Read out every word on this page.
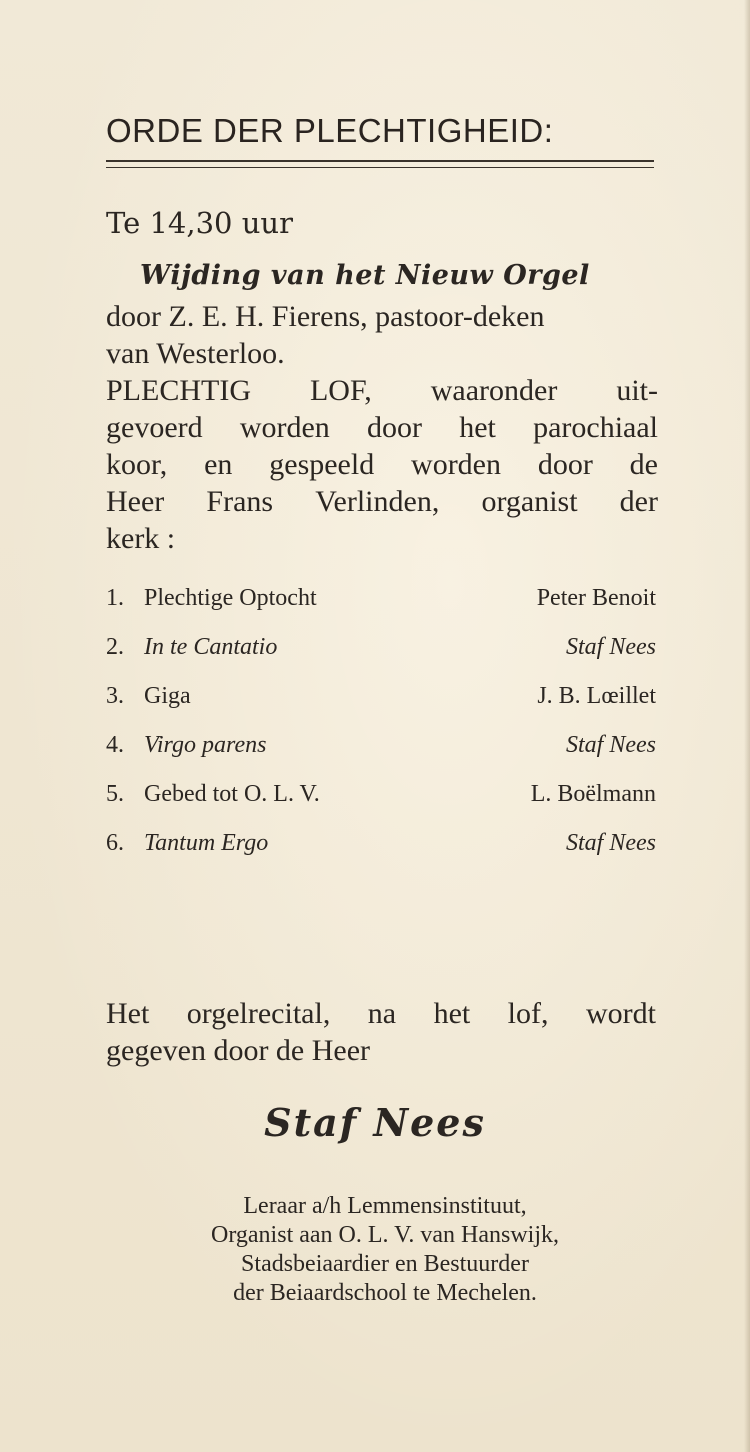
ORDE DER PLECHTIGHEID:
Te 14,30 uur
Wijding van het Nieuw Orgel
door Z. E. H. Fierens, pastoor-deken
van Westerloo.
PLECHTIG LOF, waaronder uit-
gevoerd worden door het parochiaal
koor, en gespeeld worden door de
Heer Frans Verlinden, organist der
kerk :
1. Plechtige Optocht	Peter Benoit
2. In te Cantatio	Staf Nees
3. Giga	J. B. Lœillet
4. Virgo parens	Staf Nees
5. Gebed tot O. L. V.	L. Boëlmann
6. Tantum Ergo	Staf Nees
Het orgelrecital, na het lof, wordt
gegeven door de Heer
Staf Nees
Leraar a/h Lemmensinstituut,
Organist aan O. L. V. van Hanswijk,
Stadsbeiaardier en Bestuurder
der Beiaardschool te Mechelen.
